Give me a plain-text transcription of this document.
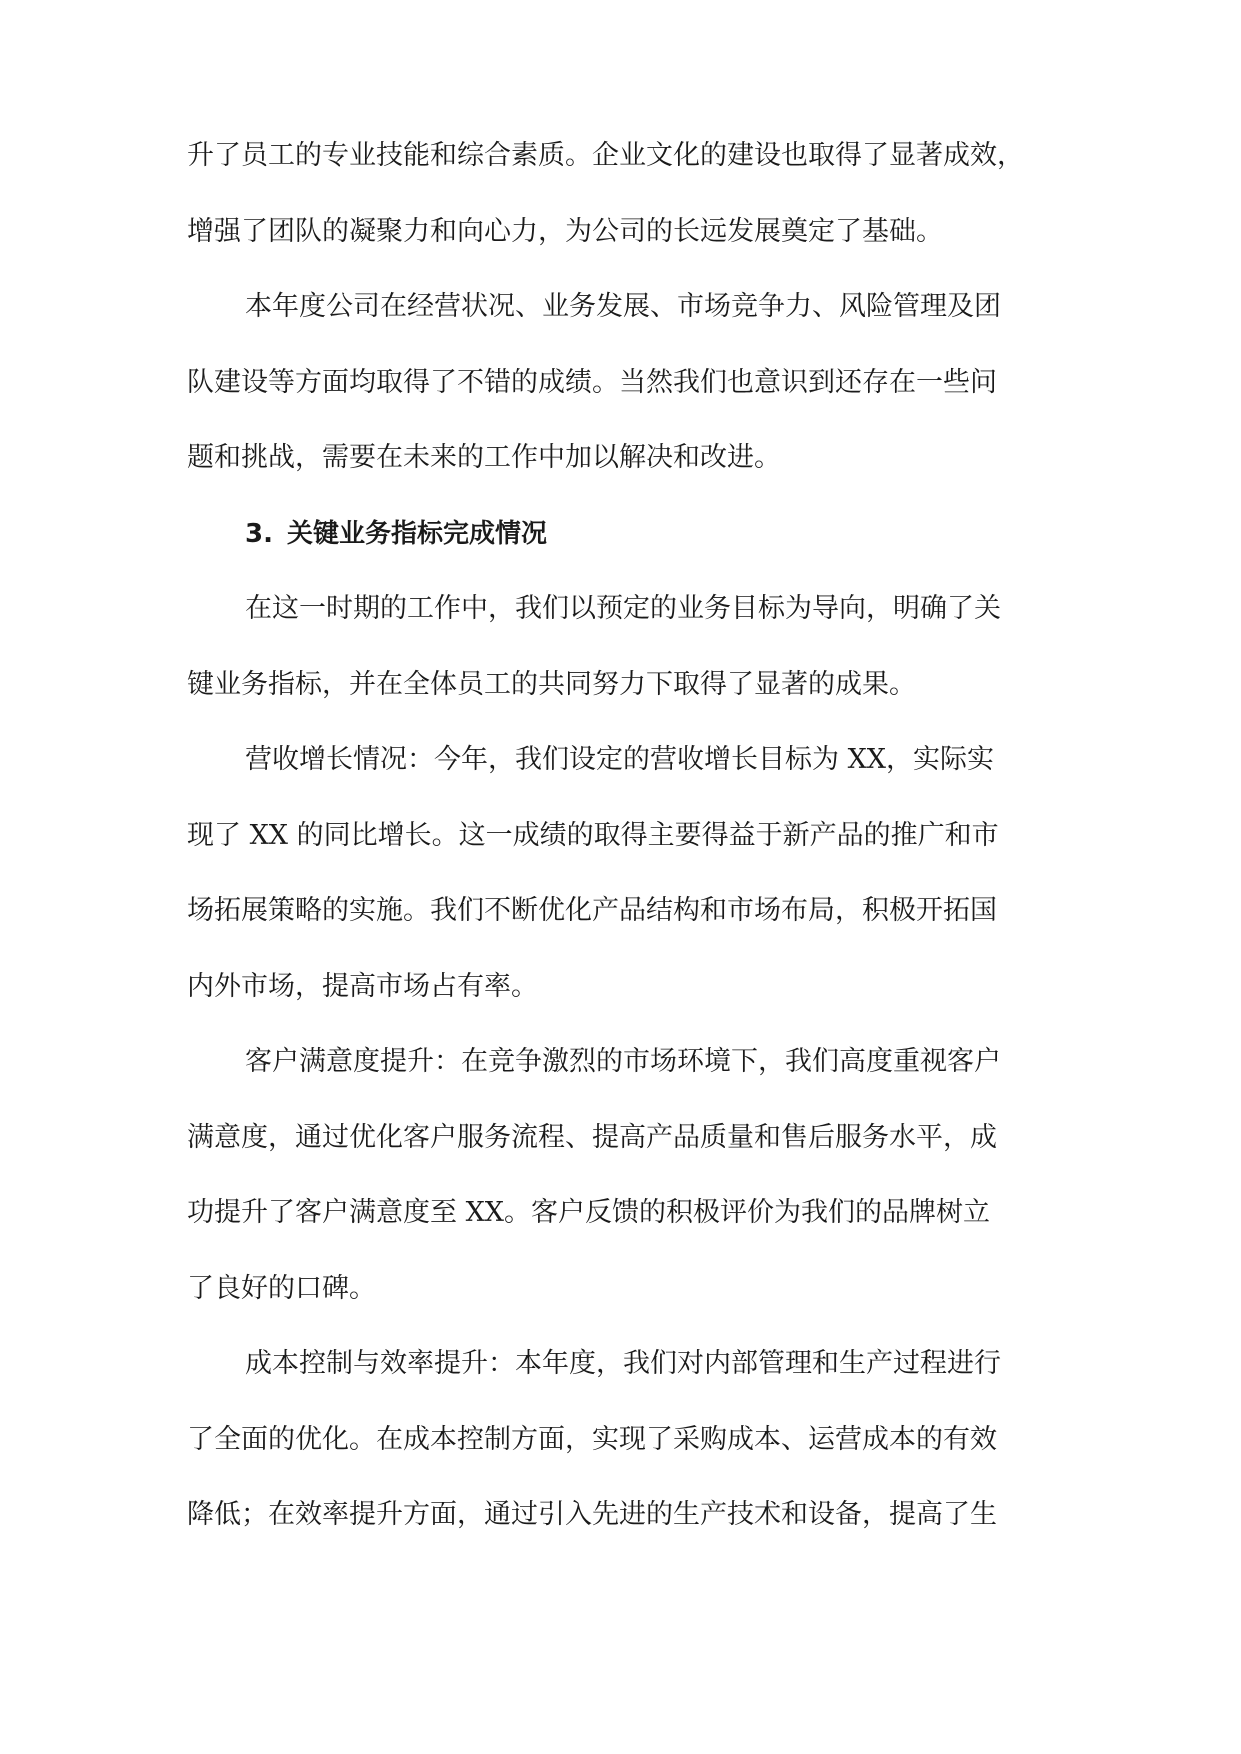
升了员工的专业技能和综合素质。企业文化的建设也取得了显著成效，
增强了团队的凝聚力和向心力，为公司的长远发展奠定了基础。
本年度公司在经营状况、业务发展、市场竞争力、风险管理及团
队建设等方面均取得了不错的成绩。当然我们也意识到还存在一些问
题和挑战，需要在未来的工作中加以解决和改进。
3. 关键业务指标完成情况
在这一时期的工作中，我们以预定的业务目标为导向，明确了关
键业务指标，并在全体员工的共同努力下取得了显著的成果。
营收增长情况：今年，我们设定的营收增长目标为 XX，实际实
现了 XX 的同比增长。这一成绩的取得主要得益于新产品的推广和市
场拓展策略的实施。我们不断优化产品结构和市场布局，积极开拓国
内外市场，提高市场占有率。
客户满意度提升：在竞争激烈的市场环境下，我们高度重视客户
满意度，通过优化客户服务流程、提高产品质量和售后服务水平，成
功提升了客户满意度至 XX。客户反馈的积极评价为我们的品牌树立
了良好的口碑。
成本控制与效率提升：本年度，我们对内部管理和生产过程进行
了全面的优化。在成本控制方面，实现了采购成本、运营成本的有效
降低；在效率提升方面，通过引入先进的生产技术和设备，提高了生
